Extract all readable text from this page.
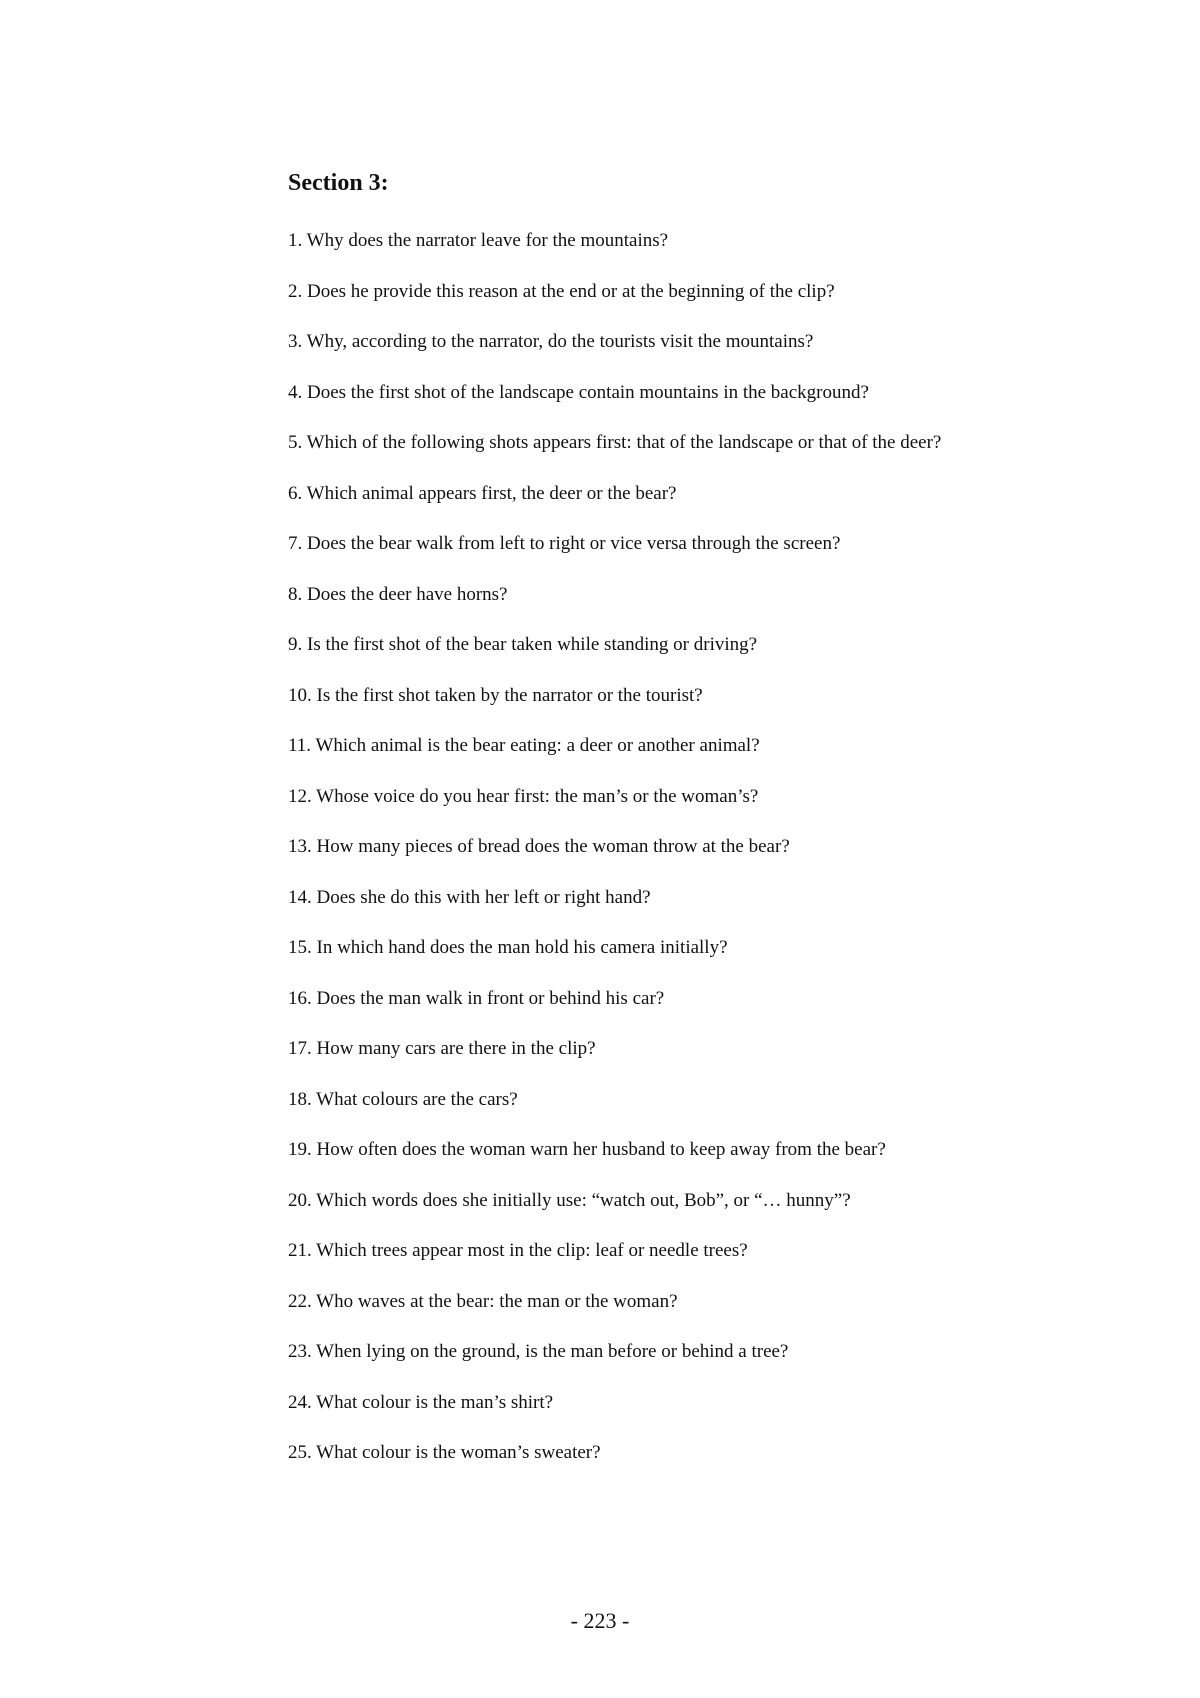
Section 3:
1. Why does the narrator leave for the mountains?
2. Does he provide this reason at the end or at the beginning of the clip?
3. Why, according to the narrator, do the tourists visit the mountains?
4. Does the first shot of the landscape contain mountains in the background?
5. Which of the following shots appears first: that of the landscape or that of the deer?
6. Which animal appears first, the deer or the bear?
7. Does the bear walk from left to right or vice versa through the screen?
8. Does the deer have horns?
9. Is the first shot of the bear taken while standing or driving?
10. Is the first shot taken by the narrator or the tourist?
11. Which animal is the bear eating: a deer or another animal?
12. Whose voice do you hear first: the man’s or the woman’s?
13. How many pieces of bread does the woman throw at the bear?
14. Does she do this with her left or right hand?
15. In which hand does the man hold his camera initially?
16. Does the man walk in front or behind his car?
17. How many cars are there in the clip?
18. What colours are the cars?
19. How often does the woman warn her husband to keep away from the bear?
20. Which words does she initially use: “watch out, Bob”, or “… hunny”?
21. Which trees appear most in the clip: leaf or needle trees?
22. Who waves at the bear: the man or the woman?
23. When lying on the ground, is the man before or behind a tree?
24. What colour is the man’s shirt?
25. What colour is the woman’s sweater?
- 223 -
